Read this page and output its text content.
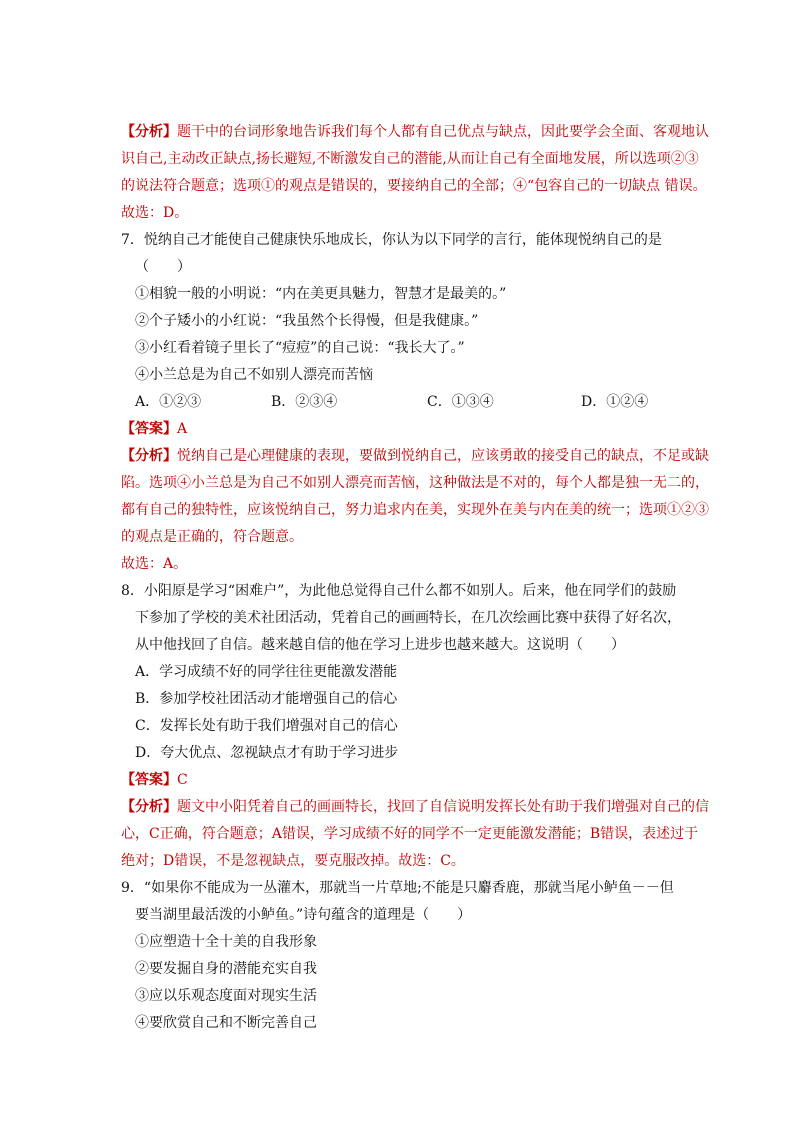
【分析】题干中的台词形象地告诉我们每个人都有自己优点与缺点，因此要学会全面、客观地认
识自己,主动改正缺点,扬长避短,不断激发自己的潜能,从而让自己有全面地发展，所以选项②③
的说法符合题意；选项①的观点是错误的，要接纳自己的全部；④“包容自己的一切缺点 错误。
故选：D。
7．悦纳自己才能使自己健康快乐地成长，你认为以下同学的言行，能体现悦纳自己的是
（　　）
①相貌一般的小明说：“内在美更具魅力，智慧才是最美的。”
②个子矮小的小红说：“我虽然个长得慢，但是我健康。”
③小红看着镜子里长了“痘痘”的自己说：“我长大了。”
④小兰总是为自己不如别人漂亮而苦恼
A．①②③	B．②③④	C．①③④	D．①②④
【答案】A
【分析】悦纳自己是心理健康的表现，要做到悦纳自己，应该勇敢的接受自己的缺点，不足或缺
陷。选项④小兰总是为自己不如别人漂亮而苦恼，这种做法是不对的，每个人都是独一无二的，
都有自己的独特性，应该悦纳自己，努力追求内在美，实现外在美与内在美的统一；选项①②③
的观点是正确的，符合题意。
故选：A。
8．小阳原是学习“困难户”，为此他总觉得自己什么都不如别人。后来，他在同学们的鼓励
下参加了学校的美术社团活动，凭着自己的画画特长，在几次绘画比赛中获得了好名次，
从中他找回了自信。越来越自信的他在学习上进步也越来越大。这说明（　　）
A．学习成绩不好的同学往往更能激发潜能
B．参加学校社团活动才能增强自己的信心
C．发挥长处有助于我们增强对自己的信心
D．夸大优点、忽视缺点才有助于学习进步
【答案】C
【分析】题文中小阳凭着自己的画画特长，找回了自信说明发挥长处有助于我们增强对自己的信
心，C正确，符合题意；A错误，学习成绩不好的同学不一定更能激发潜能；B错误，表述过于
绝对；D错误，不是忽视缺点，要克服改掉。故选：C。
9．“如果你不能成为一丛灌木，那就当一片草地;不能是只麝香鹿，那就当尾小鲈鱼－－但
要当湖里最活泼的小鲈鱼。”诗句蕴含的道理是（　　）
①应塑造十全十美的自我形象
②要发掘自身的潜能充实自我
③应以乐观态度面对现实生活
④要欣赏自己和不断完善自己
